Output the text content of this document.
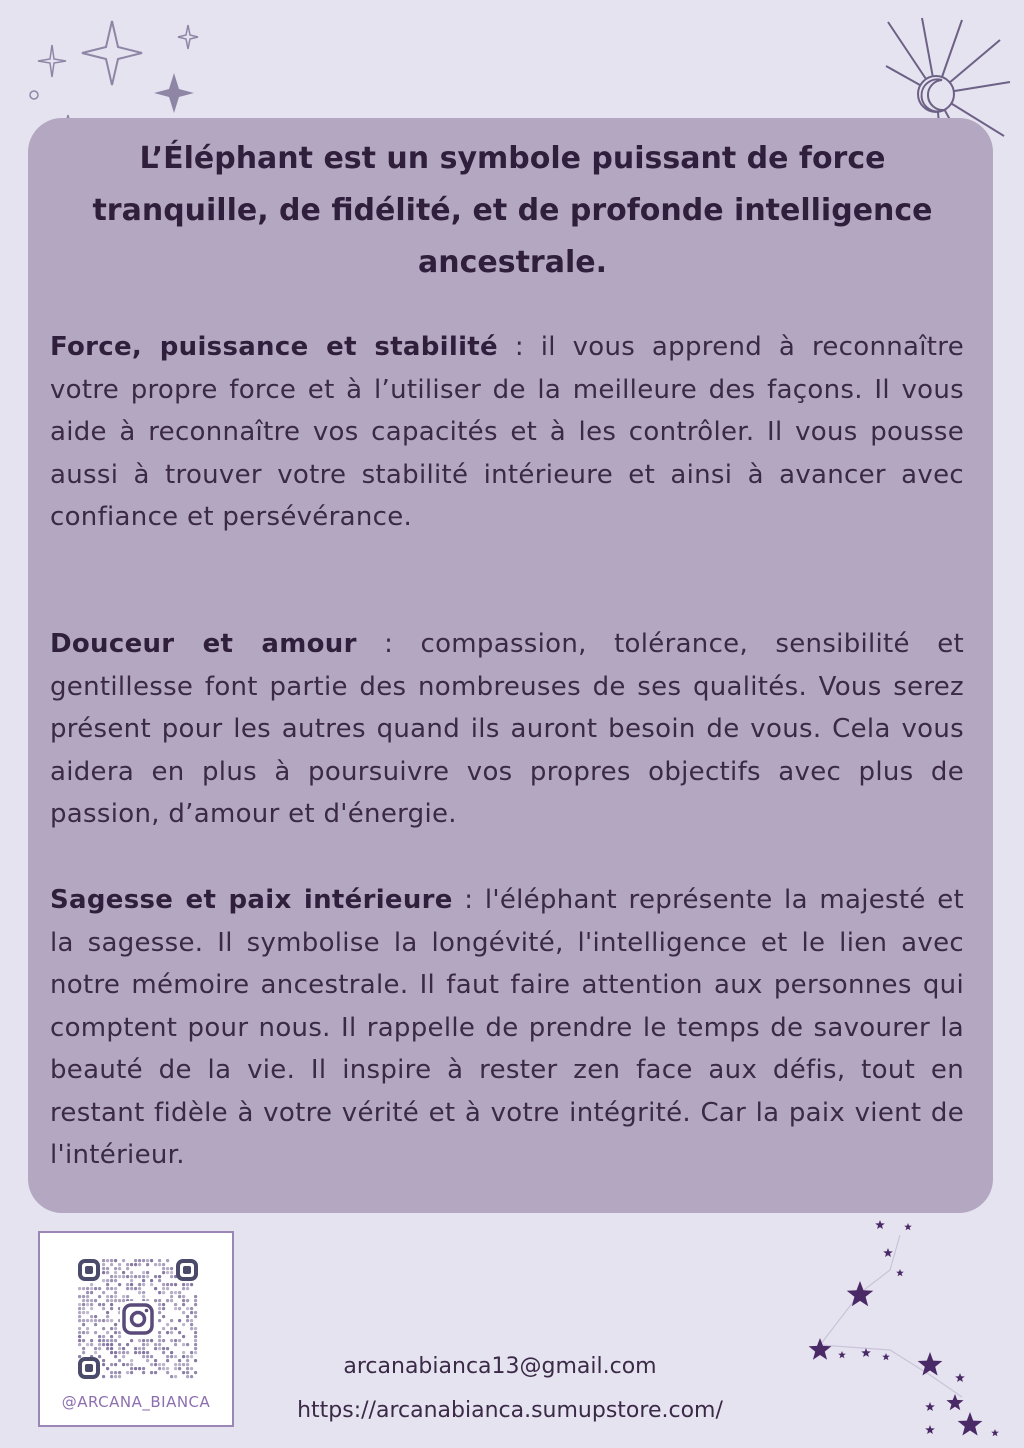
L’Éléphant est un symbole puissant de force tranquille, de fidélité, et de profonde intelligence ancestrale.

Force, puissance et stabilité : il vous apprend à reconnaître votre propre force et à l’utiliser de la meilleure des façons. Il vous aide à reconnaître vos capacités et à les contrôler. Il vous pousse aussi à trouver votre stabilité intérieure et ainsi à avancer avec confiance et persévérance.

Douceur et amour : compassion, tolérance, sensibilité et gentillesse font partie des nombreuses de ses qualités. Vous serez présent pour les autres quand ils auront besoin de vous. Cela vous aidera en plus à poursuivre vos propres objectifs avec plus de passion, d’amour et d'énergie.

Sagesse et paix intérieure : l'éléphant représente la majesté et la sagesse. Il symbolise la longévité, l'intelligence et le lien avec notre mémoire ancestrale. Il faut faire attention aux personnes qui comptent pour nous. Il rappelle de prendre le temps de savourer la beauté de la vie. Il inspire à rester zen face aux défis, tout en restant fidèle à votre vérité et à votre intégrité. Car la paix vient de l'intérieur.

@ARCANA_BIANCA
arcanabianca13@gmail.com
https://arcanabianca.sumupstore.com/
